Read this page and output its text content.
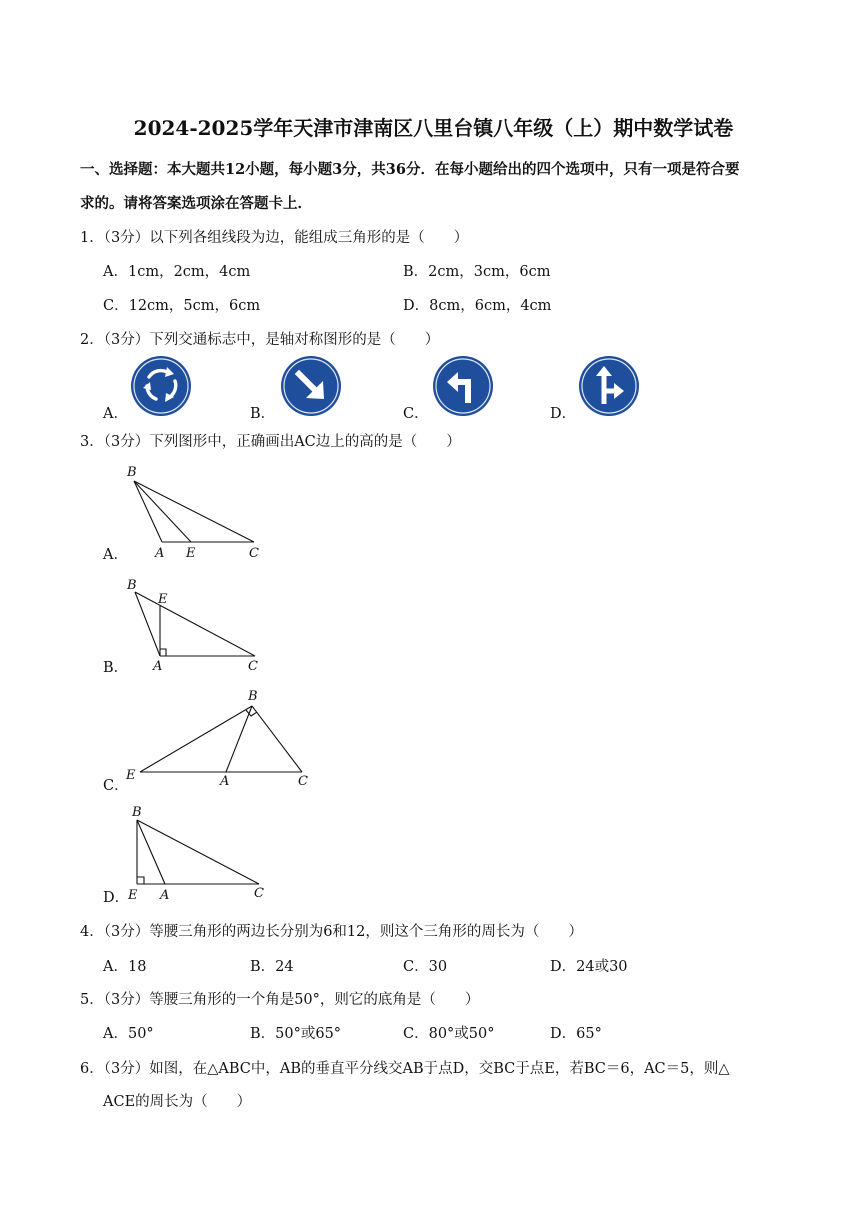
2024-2025学年天津市津南区八里台镇八年级（上）期中数学试卷
一、选择题：本大题共12小题，每小题3分，共36分．在每小题给出的四个选项中，只有一项是符合要
求的。请将答案选项涂在答题卡上．
1．（3分）以下列各组线段为边，能组成三角形的是（　　）
A．1cm，2cm，4cm	B．2cm，3cm，6cm
C．12cm，5cm，6cm	D．8cm，6cm，4cm
2．（3分）下列交通标志中，是轴对称图形的是（　　）
A．	B．	C．	D．
3．（3分）下列图形中，正确画出AC边上的高的是（　　）
A．
B
A E	C
B．
B
E
A	C
C．
B
E	A	C
D．
B
E A	C
4．（3分）等腰三角形的两边长分别为6和12，则这个三角形的周长为（　　）
A．18	B．24	C．30	D．24或30
5．（3分）等腰三角形的一个角是50°，则它的底角是（　　）
A．50°	B．50°或65°	C．80°或50°	D．65°
6．（3分）如图，在△ABC中，AB的垂直平分线交AB于点D，交BC于点E，若BC＝6，AC＝5，则△
ACE的周长为（　　）
